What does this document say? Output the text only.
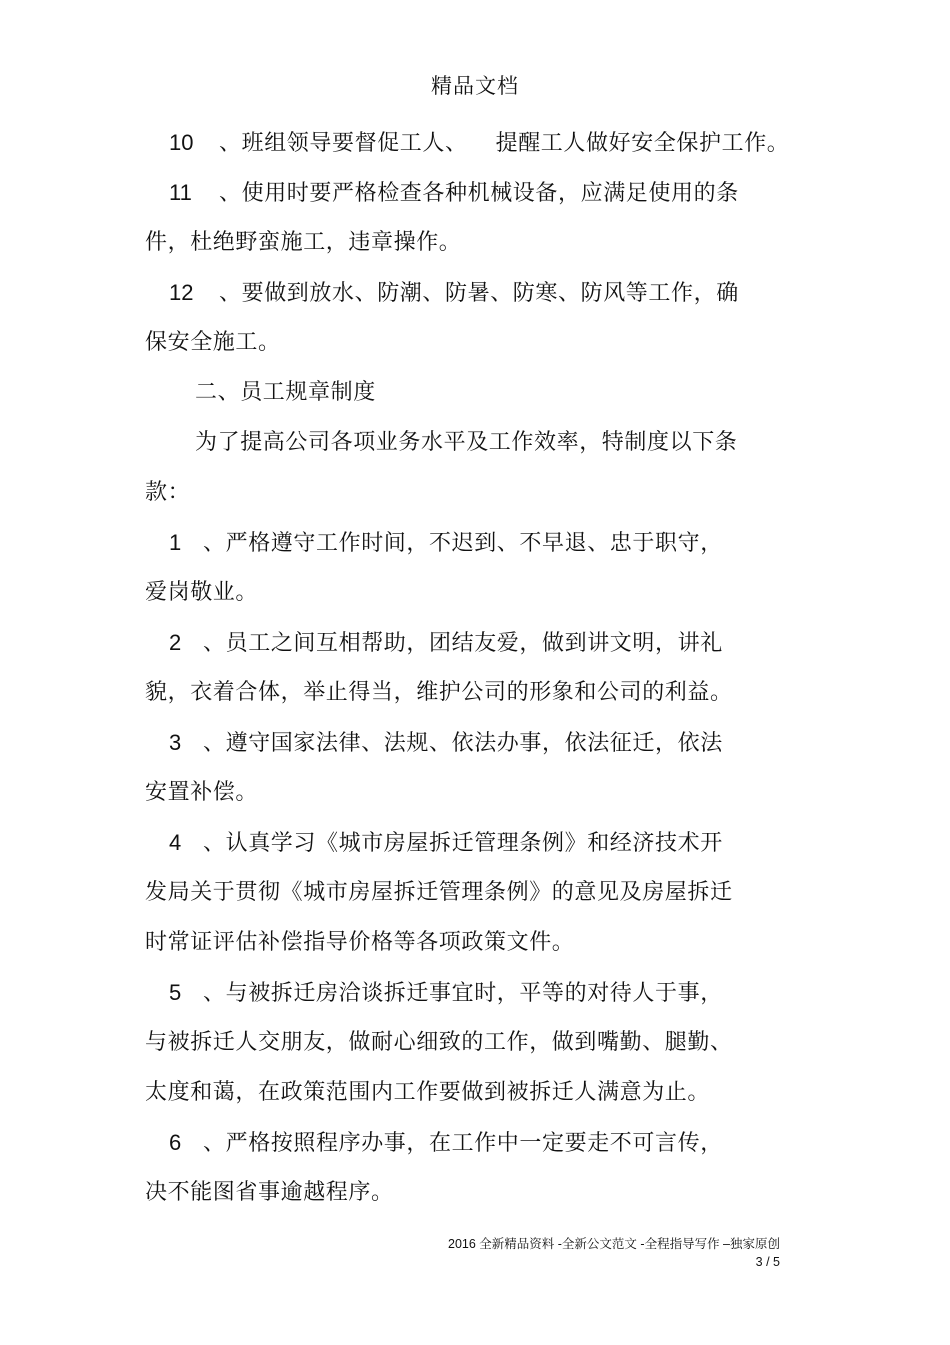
精品文档
10 、班组领导要督促工人、 提醒工人做好安全保护工作。
11 、使用时要严格检查各种机械设备，应满足使用的条
件，杜绝野蛮施工，违章操作。
12 、要做到放水、防潮、防暑、防寒、防风等工作，确
保安全施工。
二、员工规章制度
为了提高公司各项业务水平及工作效率，特制度以下条
款：
1 、严格遵守工作时间，不迟到、不早退、忠于职守，
爱岗敬业。
2 、员工之间互相帮助，团结友爱，做到讲文明，讲礼
貌，衣着合体，举止得当，维护公司的形象和公司的利益。
3 、遵守国家法律、法规、依法办事，依法征迁，依法
安置补偿。
4 、认真学习《城市房屋拆迁管理条例》和经济技术开
发局关于贯彻《城市房屋拆迁管理条例》的意见及房屋拆迁
时常证评估补偿指导价格等各项政策文件。
5 、与被拆迁房洽谈拆迁事宜时，平等的对待人于事，
与被拆迁人交朋友，做耐心细致的工作，做到嘴勤、腿勤、
太度和蔼，在政策范围内工作要做到被拆迁人满意为止。
6 、严格按照程序办事，在工作中一定要走不可言传，
决不能图省事逾越程序。
2016 全新精品资料 -全新公文范文 -全程指导写作 –独家原创
3 / 5
